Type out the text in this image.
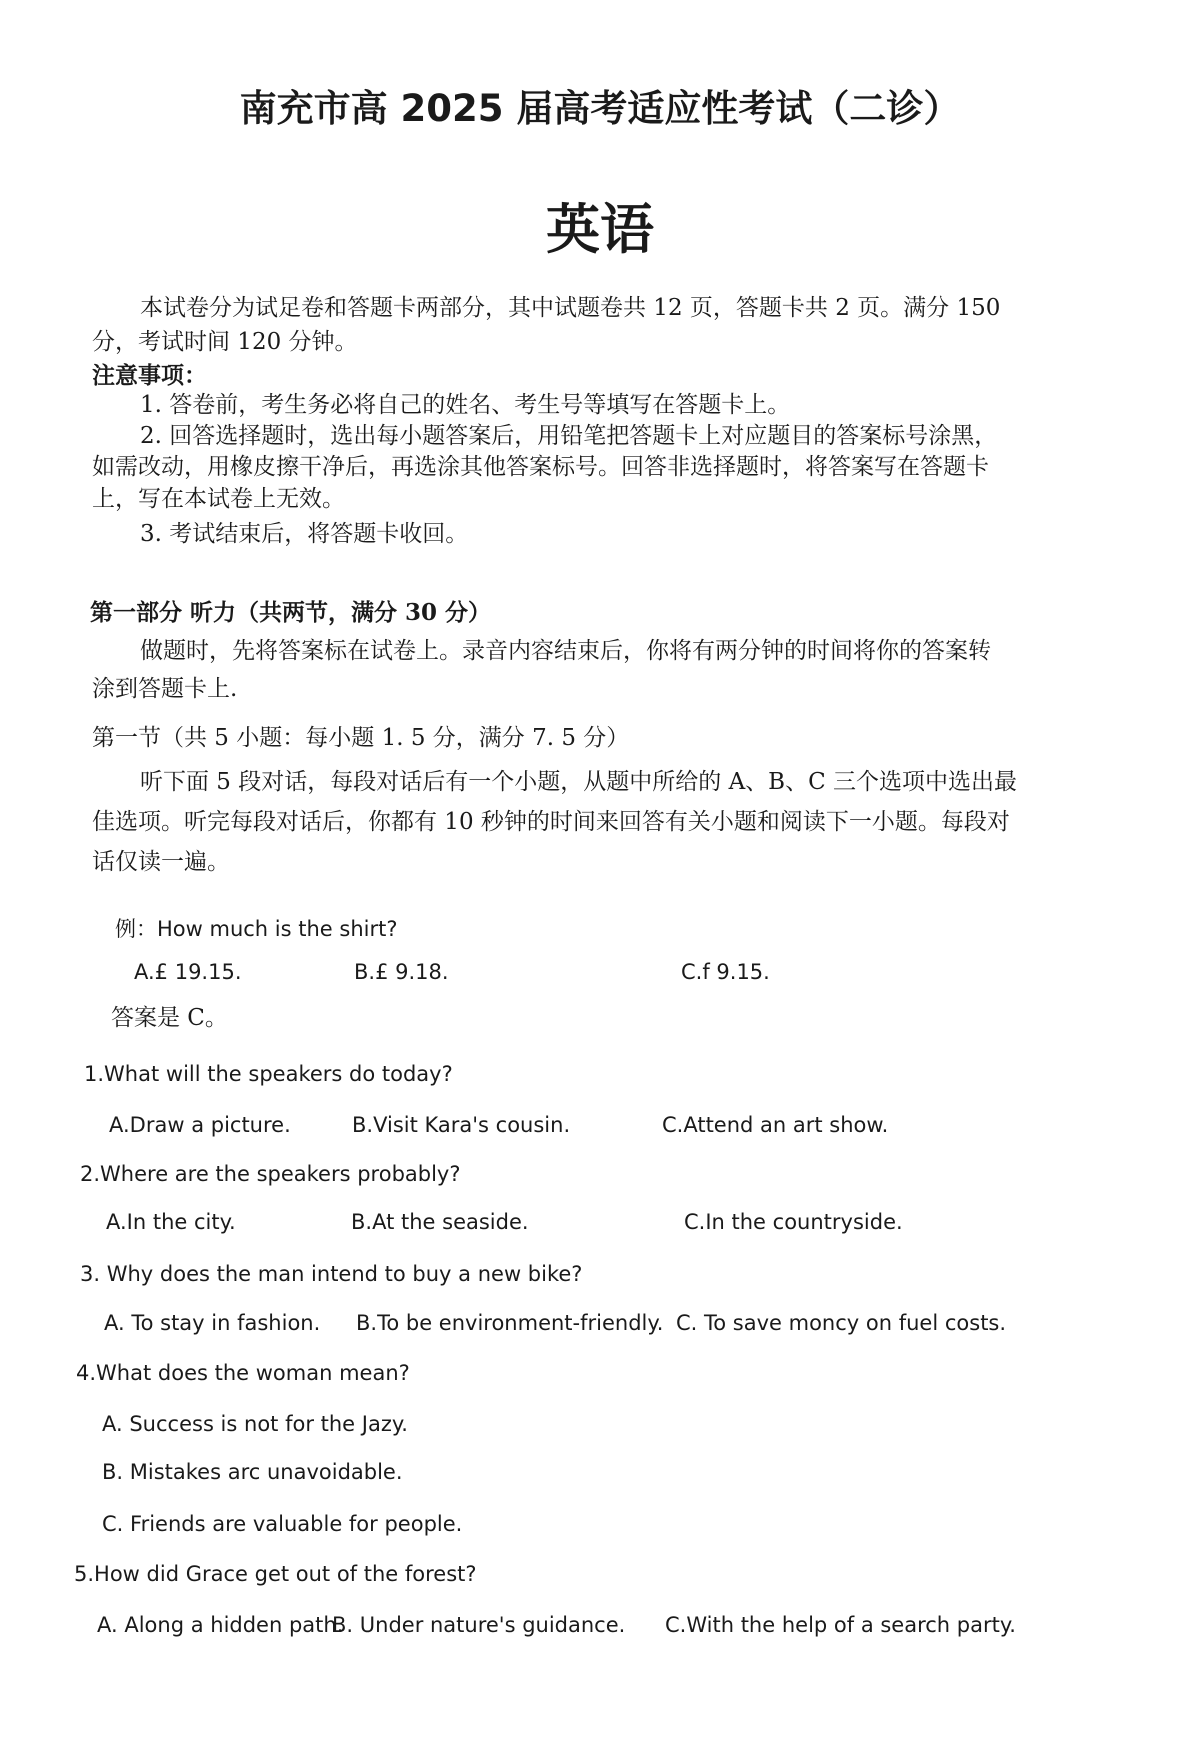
南充市高 2025 届高考适应性考试（二诊）
英语
本试卷分为试足卷和答题卡两部分，其中试题卷共 12 页，答题卡共 2 页。满分 150
分，考试时间 120 分钟。
注意事项：
1. 答卷前，考生务必将自己的姓名、考生号等填写在答题卡上。
2. 回答选择题时，选出每小题答案后，用铅笔把答题卡上对应题目的答案标号涂黑，
如需改动，用橡皮擦干净后，再选涂其他答案标号。回答非选择题时，将答案写在答题卡
上，写在本试卷上无效。
3. 考试结束后，将答题卡收回。
第一部分 听力（共两节，满分 30 分）
做题时，先将答案标在试卷上。录音内容结束后，你将有两分钟的时间将你的答案转
涂到答题卡上.
第一节（共 5 小题：每小题 1. 5 分，满分 7. 5 分）
听下面 5 段对话，每段对话后有一个小题，从题中所给的 A、B、C 三个选项中选出最
佳选项。听完每段对话后，你都有 10 秒钟的时间来回答有关小题和阅读下一小题。每段对
话仅读一遍。
例：How much is the shirt?
A.£ 19.15.	B.£ 9.18.	C.f 9.15.
答案是 C。
1.What will the speakers do today?
A.Draw a picture.	B.Visit Kara's cousin.	C.Attend an art show.
2.Where are the speakers probably?
A.In the city.	B.At the seaside.	C.In the countryside.
3. Why does the man intend to buy a new bike?
A. To stay in fashion. B.To be environment-friendly. C. To save moncy on fuel costs.
4.What does the woman mean?
A. Success is not for the Jazy.
B. Mistakes arc unavoidable.
C. Friends are valuable for people.
5.How did Grace get out of the forest?
A. Along a hidden path.
B. Under nature's guidance. C.With the help of a search party.
